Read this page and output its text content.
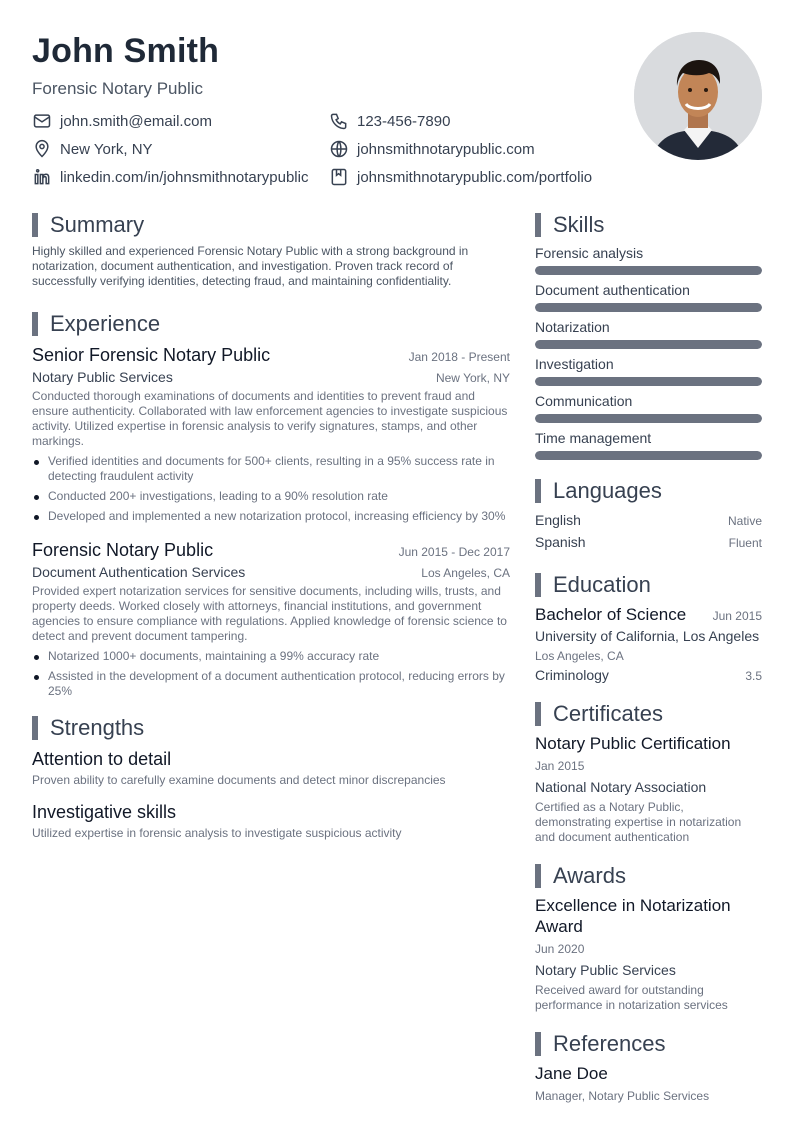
John Smith
Forensic Notary Public
john.smith@email.com	123-456-7890
New York, NY	johnsmithnotarypublic.com
linkedin.com/in/johnsmithnotarypublic	johnsmithnotarypublic.com/portfolio
Summary
Highly skilled and experienced Forensic Notary Public with a strong background in notarization, document authentication, and investigation. Proven track record of successfully verifying identities, detecting fraud, and maintaining confidentiality.
Experience
Senior Forensic Notary Public	Jan 2018 - Present
Notary Public Services	New York, NY
Conducted thorough examinations of documents and identities to prevent fraud and ensure authenticity. Collaborated with law enforcement agencies to investigate suspicious activity. Utilized expertise in forensic analysis to verify signatures, stamps, and other markings.
Verified identities and documents for 500+ clients, resulting in a 95% success rate in detecting fraudulent activity
Conducted 200+ investigations, leading to a 90% resolution rate
Developed and implemented a new notarization protocol, increasing efficiency by 30%
Forensic Notary Public	Jun 2015 - Dec 2017
Document Authentication Services	Los Angeles, CA
Provided expert notarization services for sensitive documents, including wills, trusts, and property deeds. Worked closely with attorneys, financial institutions, and government agencies to ensure compliance with regulations. Applied knowledge of forensic science to detect and prevent document tampering.
Notarized 1000+ documents, maintaining a 99% accuracy rate
Assisted in the development of a document authentication protocol, reducing errors by 25%
Strengths
Attention to detail
Proven ability to carefully examine documents and detect minor discrepancies
Investigative skills
Utilized expertise in forensic analysis to investigate suspicious activity
Skills
Forensic analysis
Document authentication
Notarization
Investigation
Communication
Time management
Languages
English	Native
Spanish	Fluent
Education
Bachelor of Science Jun 2015
University of California, Los Angeles
Los Angeles, CA
Criminology	3.5
Certificates
Notary Public Certification
Jan 2015
National Notary Association
Certified as a Notary Public, demonstrating expertise in notarization and document authentication
Awards
Excellence in Notarization Award
Jun 2020
Notary Public Services
Received award for outstanding performance in notarization services
References
Jane Doe
Manager, Notary Public Services
